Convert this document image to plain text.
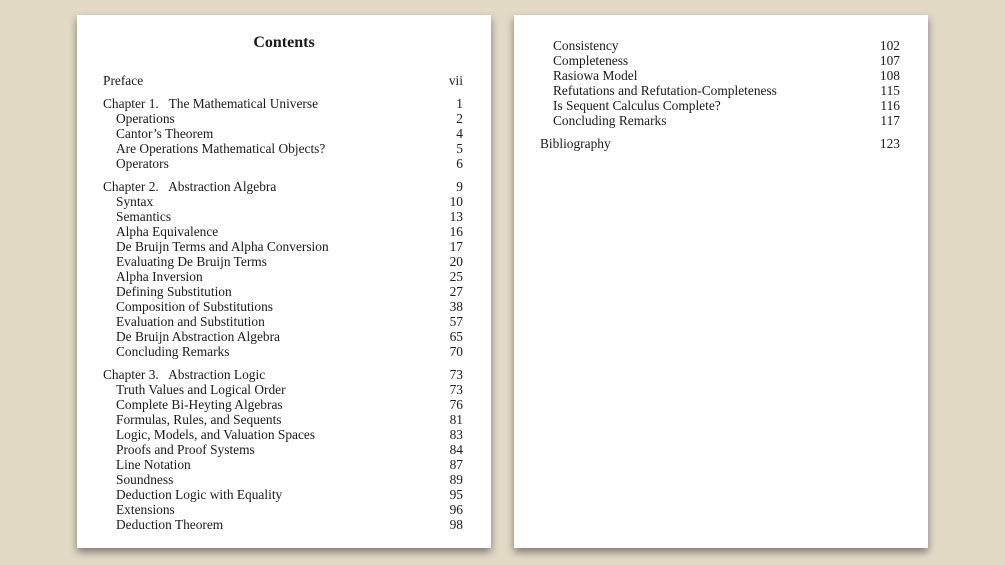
Contents
Preface	vii
Chapter 1.   The Mathematical Universe	1
Operations	2
Cantor’s Theorem	4
Are Operations Mathematical Objects?	5
Operators	6
Chapter 2.   Abstraction Algebra	9
Syntax	10
Semantics	13
Alpha Equivalence	16
De Bruijn Terms and Alpha Conversion	17
Evaluating De Bruijn Terms	20
Alpha Inversion	25
Defining Substitution	27
Composition of Substitutions	38
Evaluation and Substitution	57
De Bruijn Abstraction Algebra	65
Concluding Remarks	70
Chapter 3.   Abstraction Logic	73
Truth Values and Logical Order	73
Complete Bi-Heyting Algebras	76
Formulas, Rules, and Sequents	81
Logic, Models, and Valuation Spaces	83
Proofs and Proof Systems	84
Line Notation	87
Soundness	89
Deduction Logic with Equality	95
Extensions	96
Deduction Theorem	98
Consistency	102
Completeness	107
Rasiowa Model	108
Refutations and Refutation-Completeness	115
Is Sequent Calculus Complete?	116
Concluding Remarks	117
Bibliography	123
